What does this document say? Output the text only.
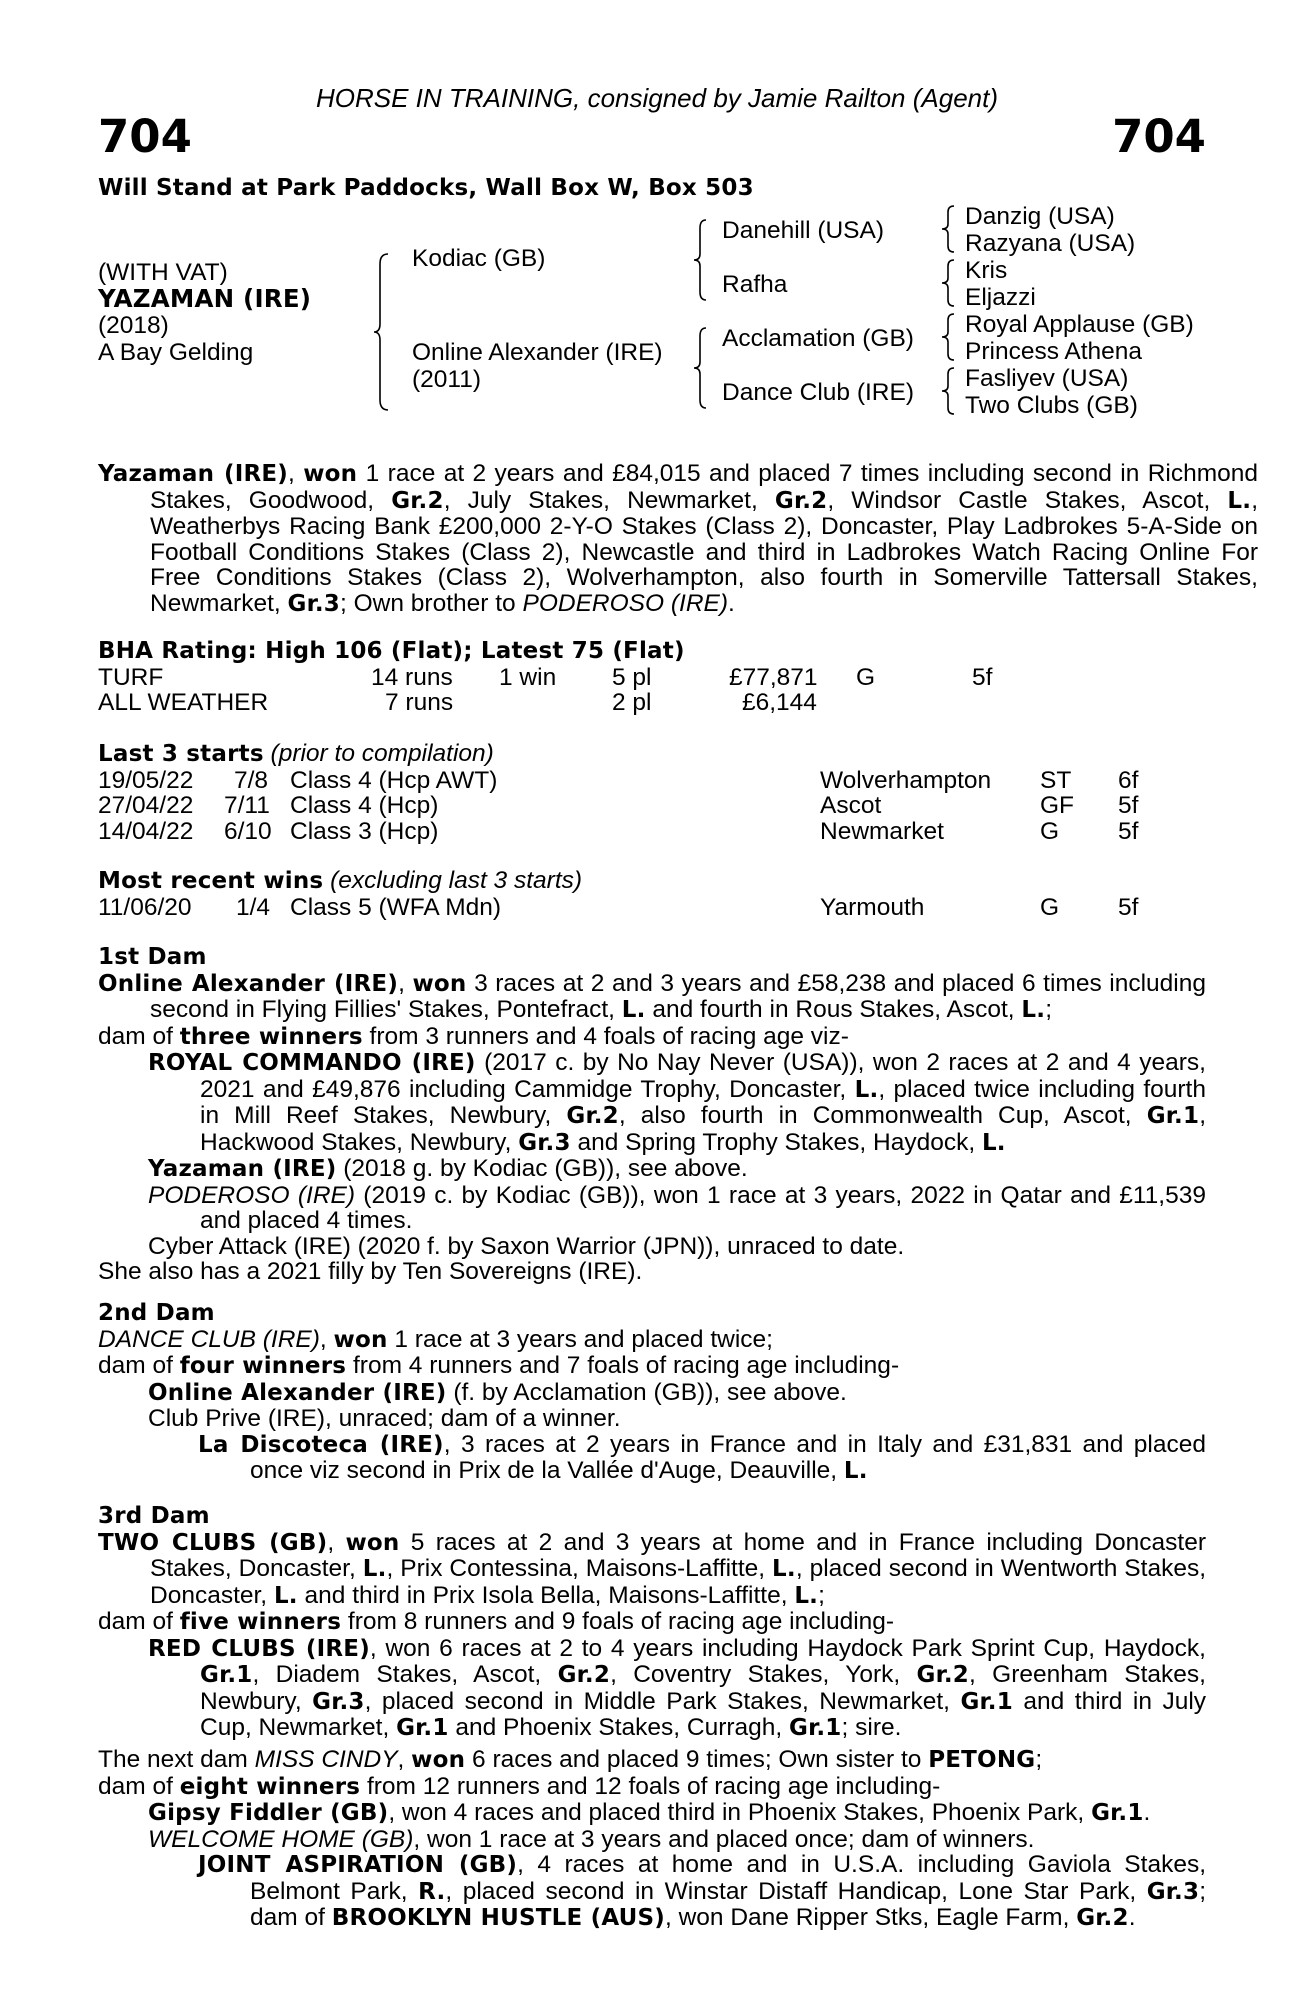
HORSE IN TRAINING, consigned by Jamie Railton (Agent)
704	704
Will Stand at Park Paddocks, Wall Box W, Box 503
(WITH VAT)
YAZAMAN (IRE)
(2018)
A Bay Gelding
Kodiac (GB)
Online Alexander (IRE)
(2011)
Danehill (USA)
Rafha
Acclamation (GB)
Dance Club (IRE)
Danzig (USA)
Razyana (USA)
Kris
Eljazzi
Royal Applause (GB)
Princess Athena
Fasliyev (USA)
Two Clubs (GB)
Yazaman (IRE), won 1 race at 2 years and £84,015 and placed 7 times including second in Richmond Stakes, Goodwood, Gr.2, July Stakes, Newmarket, Gr.2, Windsor Castle Stakes, Ascot, L., Weatherbys Racing Bank £200,000 2-Y-O Stakes (Class 2), Doncaster, Play Ladbrokes 5-A-Side on Football Conditions Stakes (Class 2), Newcastle and third in Ladbrokes Watch Racing Online For Free Conditions Stakes (Class 2), Wolverhampton, also fourth in Somerville Tattersall Stakes, Newmarket, Gr.3; Own brother to PODEROSO (IRE).
BHA Rating: High 106 (Flat); Latest 75 (Flat)
TURF	14 runs 1 win 5 pl	£77,871 G	5f
ALL WEATHER	7 runs	2 pl	£6,144
Last 3 starts (prior to compilation)
19/05/22 7/8 Class 4 (Hcp AWT)	Wolverhampton ST 6f
27/04/22 7/11 Class 4 (Hcp)	Ascot	GF 5f
14/04/22 6/10 Class 3 (Hcp)	Newmarket	G 5f
Most recent wins (excluding last 3 starts)
11/06/20 1/4 Class 5 (WFA Mdn)	Yarmouth	G 5f
1st Dam
Online Alexander (IRE), won 3 races at 2 and 3 years and £58,238 and placed 6 times including second in Flying Fillies' Stakes, Pontefract, L. and fourth in Rous Stakes, Ascot, L.;
dam of three winners from 3 runners and 4 foals of racing age viz-
ROYAL COMMANDO (IRE) (2017 c. by No Nay Never (USA)), won 2 races at 2 and 4 years, 2021 and £49,876 including Cammidge Trophy, Doncaster, L., placed twice including fourth in Mill Reef Stakes, Newbury, Gr.2, also fourth in Commonwealth Cup, Ascot, Gr.1, Hackwood Stakes, Newbury, Gr.3 and Spring Trophy Stakes, Haydock, L.
Yazaman (IRE) (2018 g. by Kodiac (GB)), see above.
PODEROSO (IRE) (2019 c. by Kodiac (GB)), won 1 race at 3 years, 2022 in Qatar and £11,539 and placed 4 times.
Cyber Attack (IRE) (2020 f. by Saxon Warrior (JPN)), unraced to date.
She also has a 2021 filly by Ten Sovereigns (IRE).
2nd Dam
DANCE CLUB (IRE), won 1 race at 3 years and placed twice;
dam of four winners from 4 runners and 7 foals of racing age including-
Online Alexander (IRE) (f. by Acclamation (GB)), see above.
Club Prive (IRE), unraced; dam of a winner.
La Discoteca (IRE), 3 races at 2 years in France and in Italy and £31,831 and placed once viz second in Prix de la Vallée d'Auge, Deauville, L.
3rd Dam
TWO CLUBS (GB), won 5 races at 2 and 3 years at home and in France including Doncaster Stakes, Doncaster, L., Prix Contessina, Maisons-Laffitte, L., placed second in Wentworth Stakes, Doncaster, L. and third in Prix Isola Bella, Maisons-Laffitte, L.;
dam of five winners from 8 runners and 9 foals of racing age including-
RED CLUBS (IRE), won 6 races at 2 to 4 years including Haydock Park Sprint Cup, Haydock, Gr.1, Diadem Stakes, Ascot, Gr.2, Coventry Stakes, York, Gr.2, Greenham Stakes, Newbury, Gr.3, placed second in Middle Park Stakes, Newmarket, Gr.1 and third in July Cup, Newmarket, Gr.1 and Phoenix Stakes, Curragh, Gr.1; sire.
The next dam MISS CINDY, won 6 races and placed 9 times; Own sister to PETONG;
dam of eight winners from 12 runners and 12 foals of racing age including-
Gipsy Fiddler (GB), won 4 races and placed third in Phoenix Stakes, Phoenix Park, Gr.1.
WELCOME HOME (GB), won 1 race at 3 years and placed once; dam of winners.
JOINT ASPIRATION (GB), 4 races at home and in U.S.A. including Gaviola Stakes, Belmont Park, R., placed second in Winstar Distaff Handicap, Lone Star Park, Gr.3; dam of BROOKLYN HUSTLE (AUS), won Dane Ripper Stks, Eagle Farm, Gr.2.
